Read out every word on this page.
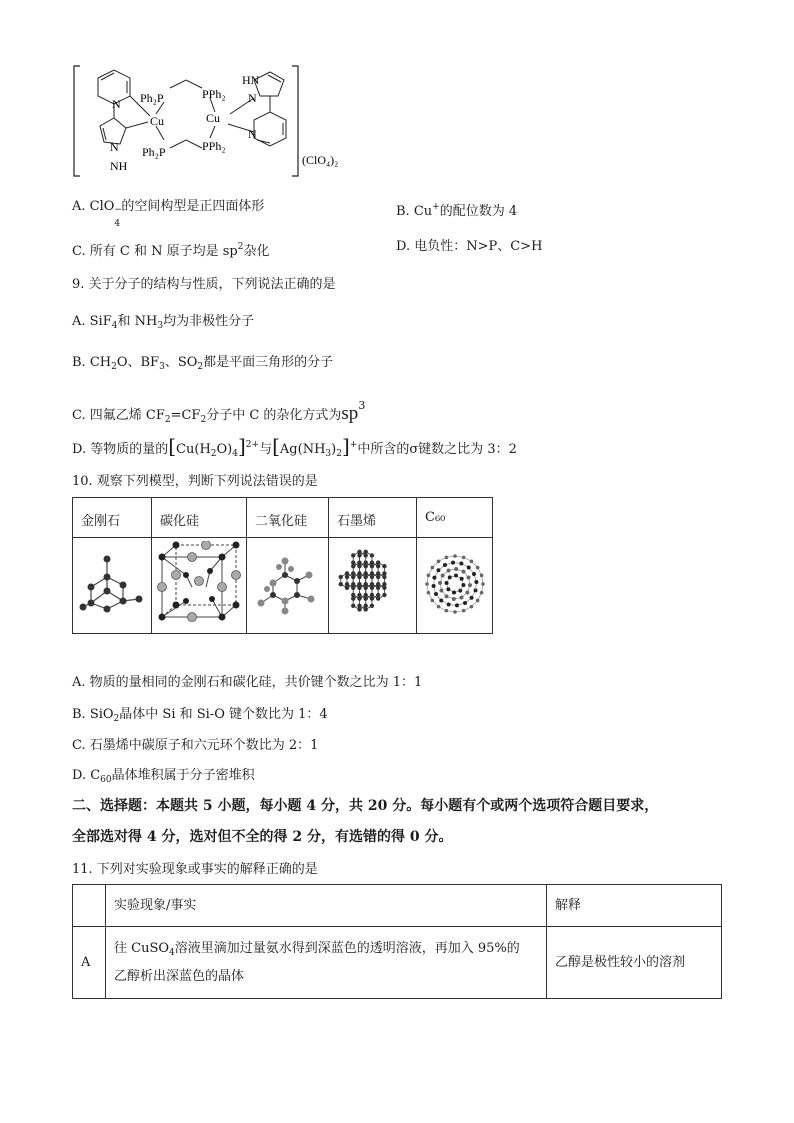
N
N
NH
Ph₂P
Ph₂P
Cu
PPh₂
PPh₂
Cu
HN
N
N
(ClO₄)₂
A. ClO −
4
的空间构型是正四面体形	B. Cu+的配位数为 4
C. 所有 C 和 N 原子均是 $sp^2$杂化	D. 电负性：N>P、C>H
9. 关于分子的结构与性质，下列说法正确的是
A. SiF$_4$和 $NH_3$均为非极性分子
B. $CH_2O$、$BF_3$、$SO_2$都是平面三角形的分子
C. 四氟乙烯 $CF_2=CF_2$分子中 C 的杂化方式为$sp^3$
D. 等物质的量的$[Cu(H_2O)_4]^{2+}$与$[Ag(NH_3)_2]^+$中所含的σ键数之比为 3：2
10. 观察下列模型，判断下列说法错误的是
金刚石	碳化硅	二氧化硅	石墨烯	C₆₀

A. 物质的量相同的金刚石和碳化硅，共价键个数之比为 1：1
B. SiO$_2$晶体中 Si 和 Si-O 键个数比为 1：4
C. 石墨烯中碳原子和六元环个数比为 2：1
D. $C_{60}$晶体堆积属于分子密堆积
二、选择题：本题共 5 小题，每小题 4 分，共 20 分。每小题有个或两个选项符合题目要求，
全部选对得 4 分，选对但不全的得 2 分，有选错的得 0 分。
11. 下列对实验现象或事实的解释正确的是
	实验现象/事实	解释
A	往 CuSO$_4$溶液里滴加过量氨水得到深蓝色的透明溶液，再加入 95%的
乙醇析出深蓝色的晶体	乙醇是极性较小的溶剂
